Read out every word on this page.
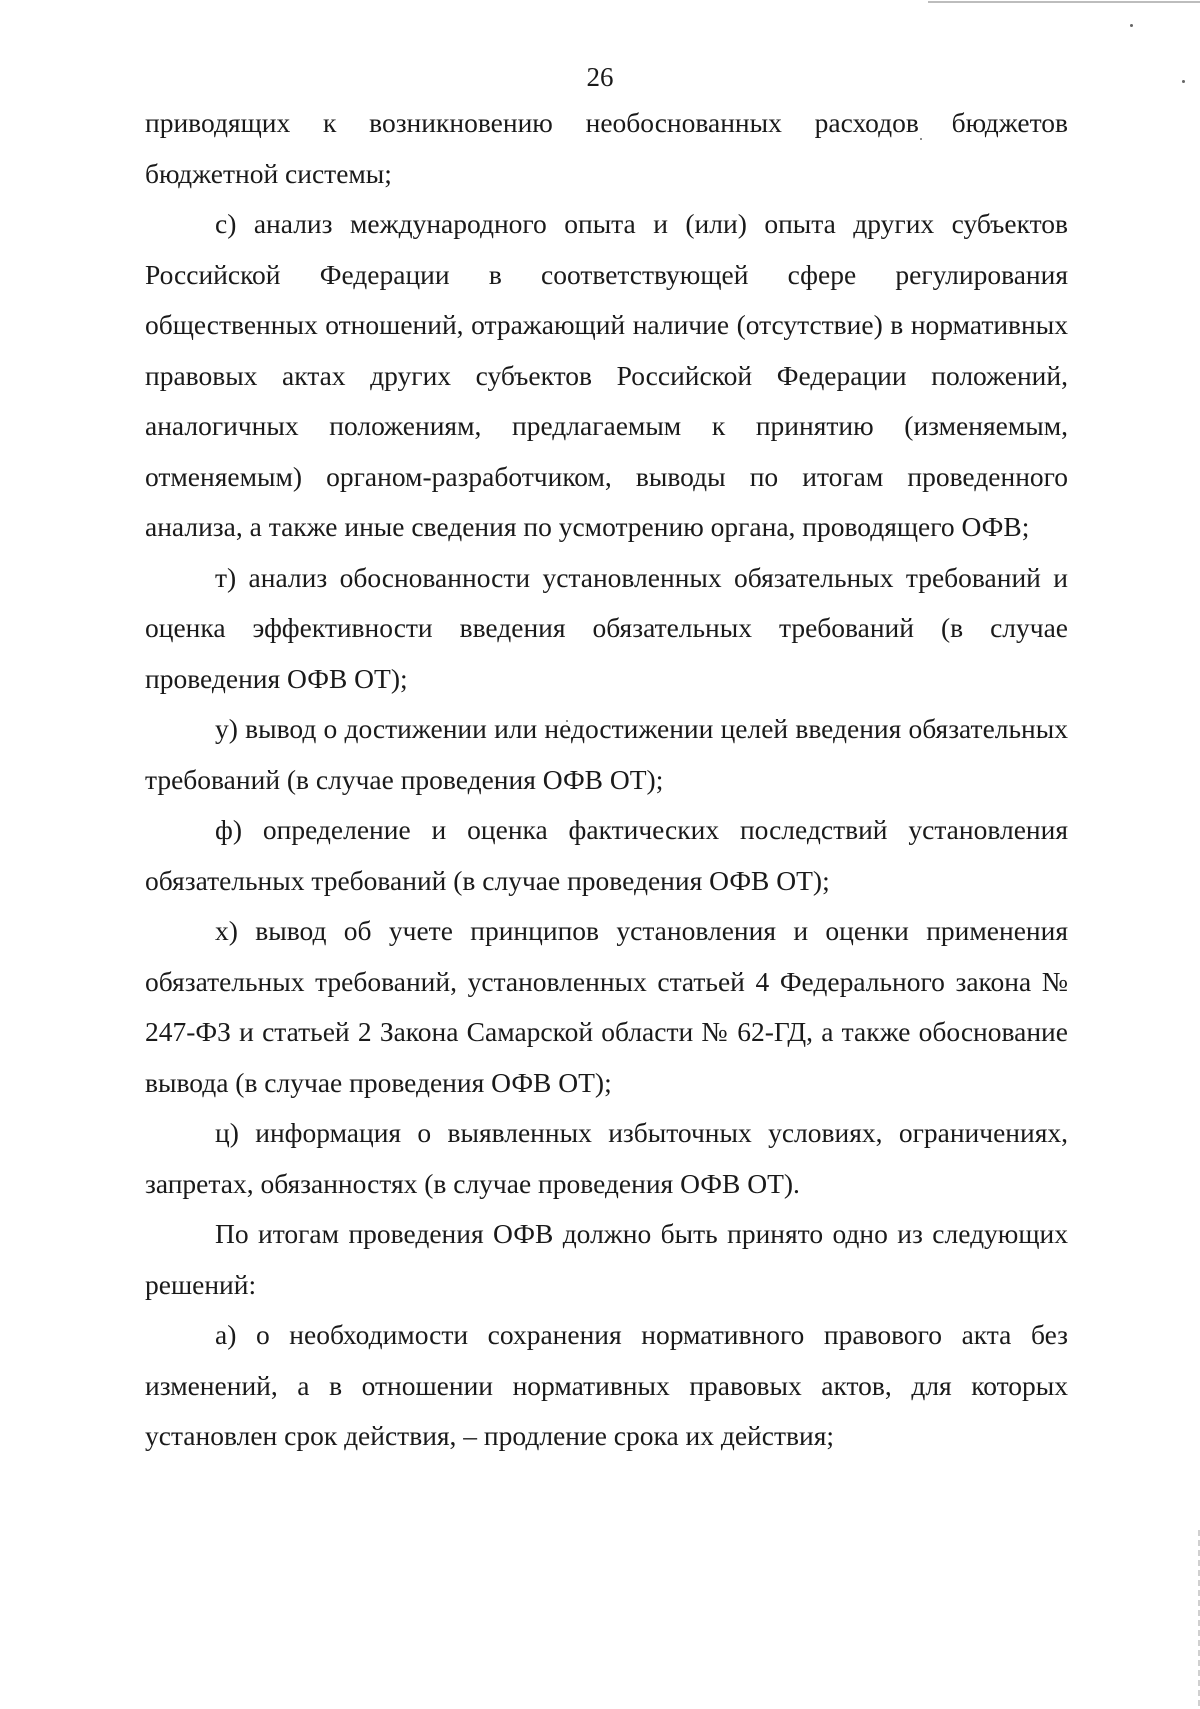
26

приводящих к возникновению необоснованных расходов бюджетов бюджетной системы;

с) анализ международного опыта и (или) опыта других субъектов Российской Федерации в соответствующей сфере регулирования общественных отношений, отражающий наличие (отсутствие) в нормативных правовых актах других субъектов Российской Федерации положений, аналогичных положениям, предлагаемым к принятию (изменяемым, отменяемым) органом-разработчиком, выводы по итогам проведенного анализа, а также иные сведения по усмотрению органа, проводящего ОФВ;

т) анализ обоснованности установленных обязательных требований и оценка эффективности введения обязательных требований (в случае проведения ОФВ ОТ);

у) вывод о достижении или недостижении целей введения обязательных требований (в случае проведения ОФВ ОТ);

ф) определение и оценка фактических последствий установления обязательных требований (в случае проведения ОФВ ОТ);

х) вывод об учете принципов установления и оценки применения обязательных требований, установленных статьей 4 Федерального закона № 247-ФЗ и статьей 2 Закона Самарской области № 62-ГД, а также обоснование вывода (в случае проведения ОФВ ОТ);

ц) информация о выявленных избыточных условиях, ограничениях, запретах, обязанностях (в случае проведения ОФВ ОТ).

По итогам проведения ОФВ должно быть принято одно из следующих решений:

а) о необходимости сохранения нормативного правового акта без изменений, а в отношении нормативных правовых актов, для которых установлен срок действия, – продление срока их действия;
